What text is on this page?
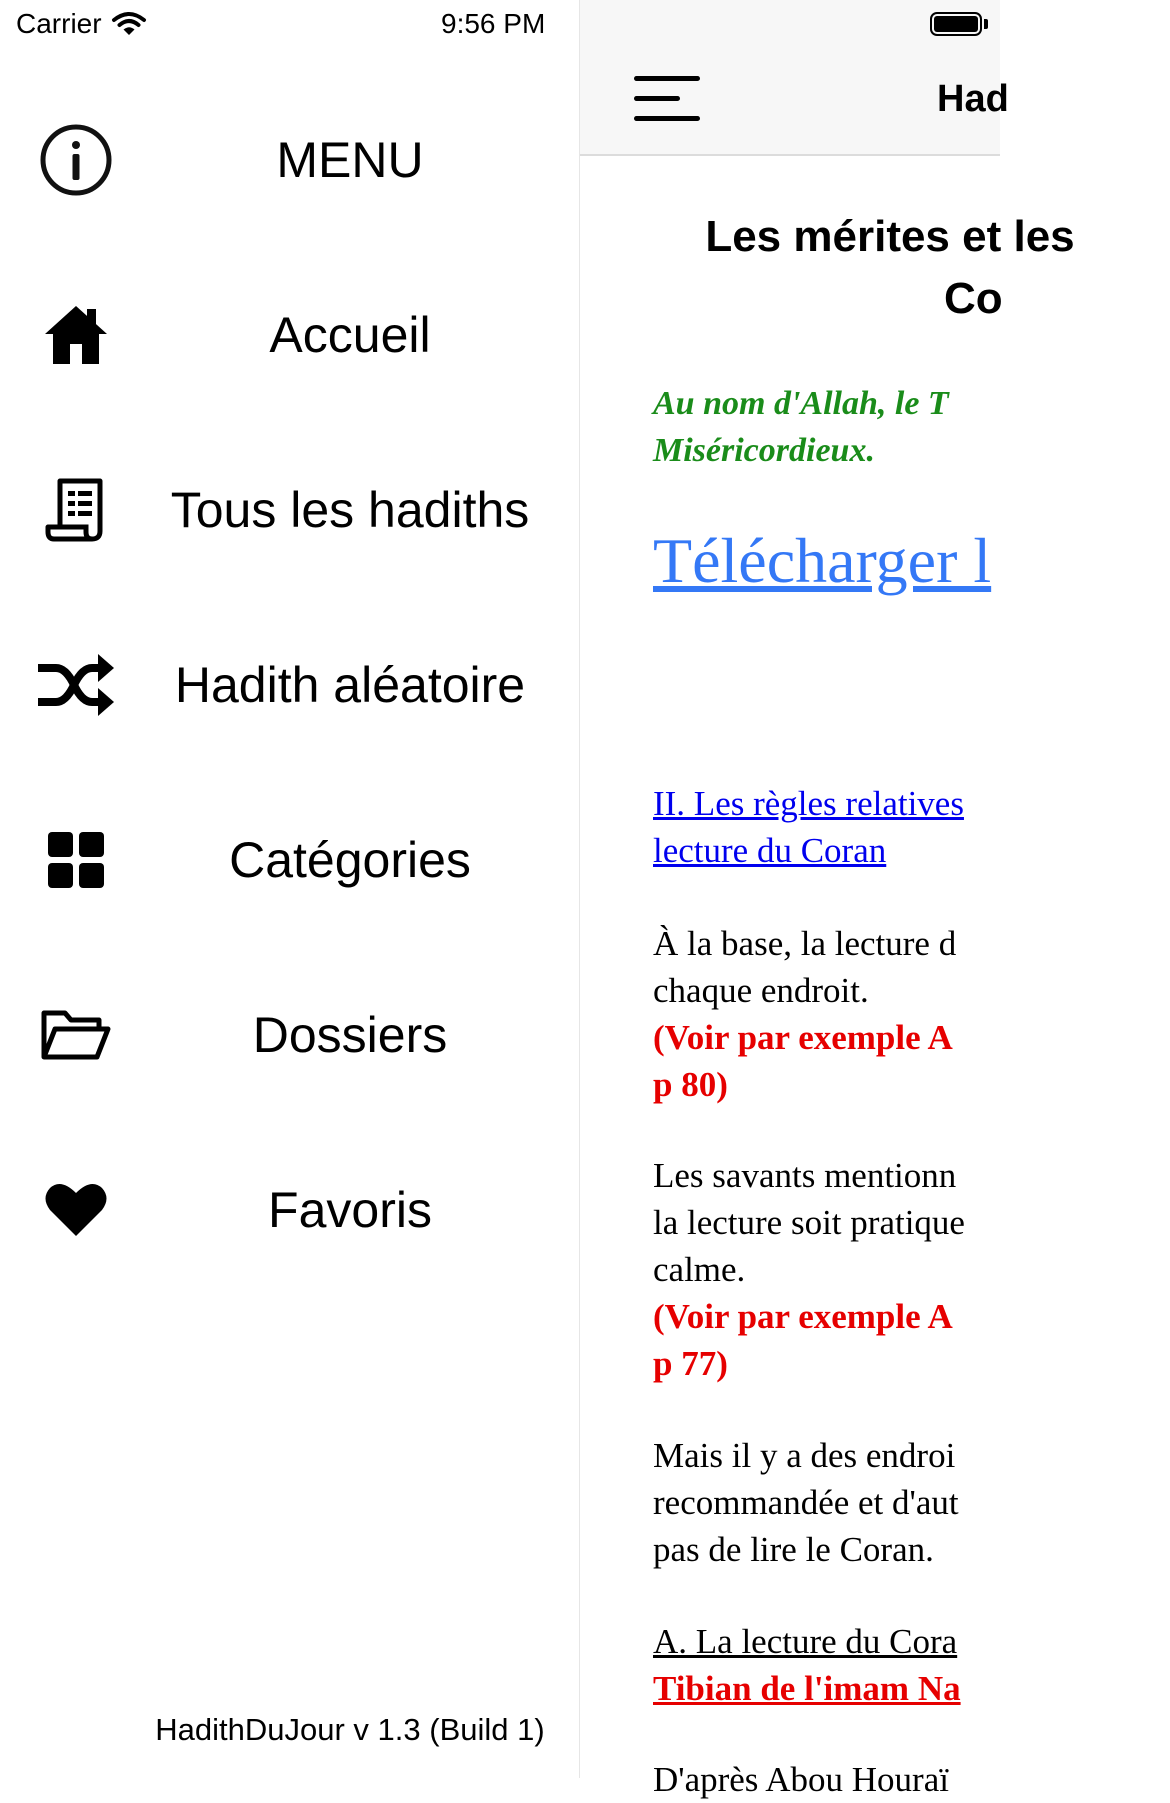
Carrier	9:56 PM
MENU
Accueil
Tous les hadiths
Hadith aléatoire
Catégories
Dossiers
Favoris
HadithDuJour v 1.3 (Build 1)
Had
Les mérites et les
Co
Au nom d'Allah, le T
Miséricordieux.
Télécharger l
II. Les règles relatives
lecture du Coran
À la base, la lecture d
chaque endroit.
(Voir par exemple A
p 80)
Les savants mentionn
la lecture soit pratique
calme.
(Voir par exemple A
p 77)
Mais il y a des endroi
recommandée et d'aut
pas de lire le Coran.
A. La lecture du Cora
Tibian de l'imam Na
D'après Abou Houraï
